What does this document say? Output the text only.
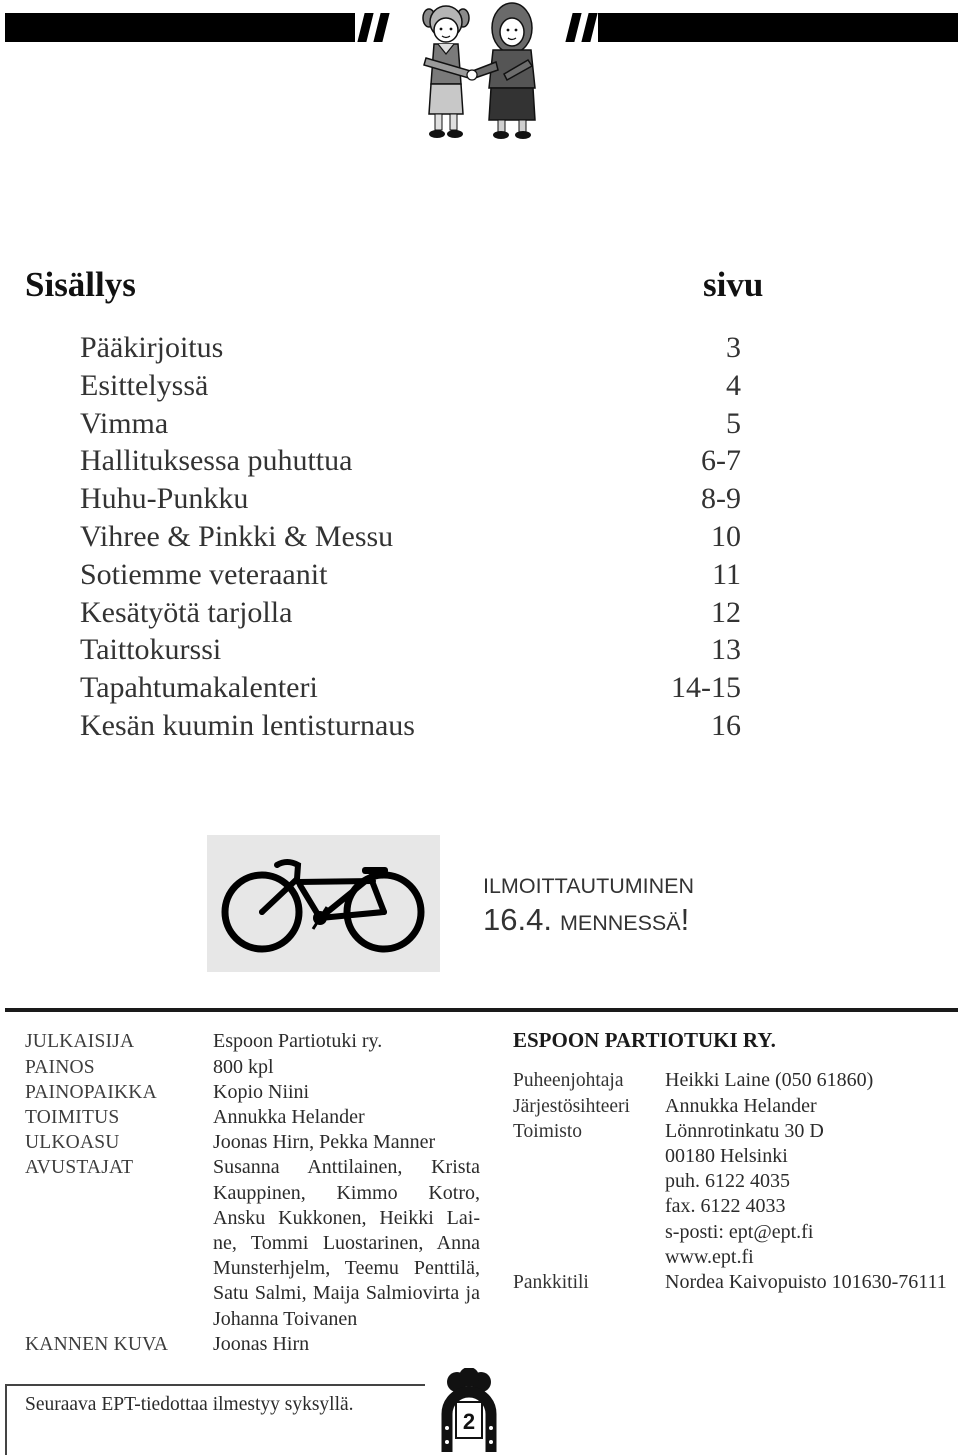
Sisällys	sivu
Pääkirjoitus	3
Esittelyssä	4
Vimma	5
Hallituksessa puhuttua	6-7
Huhu-Punkku	8-9
Vihree & Pinkki & Messu	10
Sotiemme veteraanit	11
Kesätyötä tarjolla	12
Taittokurssi	13
Tapahtumakalenteri	14-15
Kesän kuumin lentisturnaus	16
ILMOITTAUTUMINEN
16.4. MENNESSÄ!
JULKAISIJA	Espoon Partiotuki ry.
PAINOS	800 kpl
PAINOPAIKKA	Kopio Niini
TOIMITUS	Annukka Helander
ULKOASU	Joonas Hirn, Pekka Manner
AVUSTAJAT	Susanna Anttilainen, Krista
Kauppinen, Kimmo Kotro,
Ansku Kukkonen, Heikki Lai-
ne, Tommi Luostarinen, Anna
Munsterhjelm, Teemu Penttilä,
Satu Salmi, Maija Salmiovirta ja
Johanna Toivanen
KANNEN KUVA	Joonas Hirn
ESPOON PARTIOTUKI RY.
Puheenjohtaja	Heikki Laine (050 61860)
Järjestösihteeri	Annukka Helander
Toimisto	Lönnrotinkatu 30 D
00180 Helsinki
puh. 6122 4035
fax. 6122 4033
s-posti: ept@ept.fi
www.ept.fi
Pankkitili	Nordea Kaivopuisto 101630-76111
Seuraava EPT-tiedottaa ilmestyy syksyllä.
2
